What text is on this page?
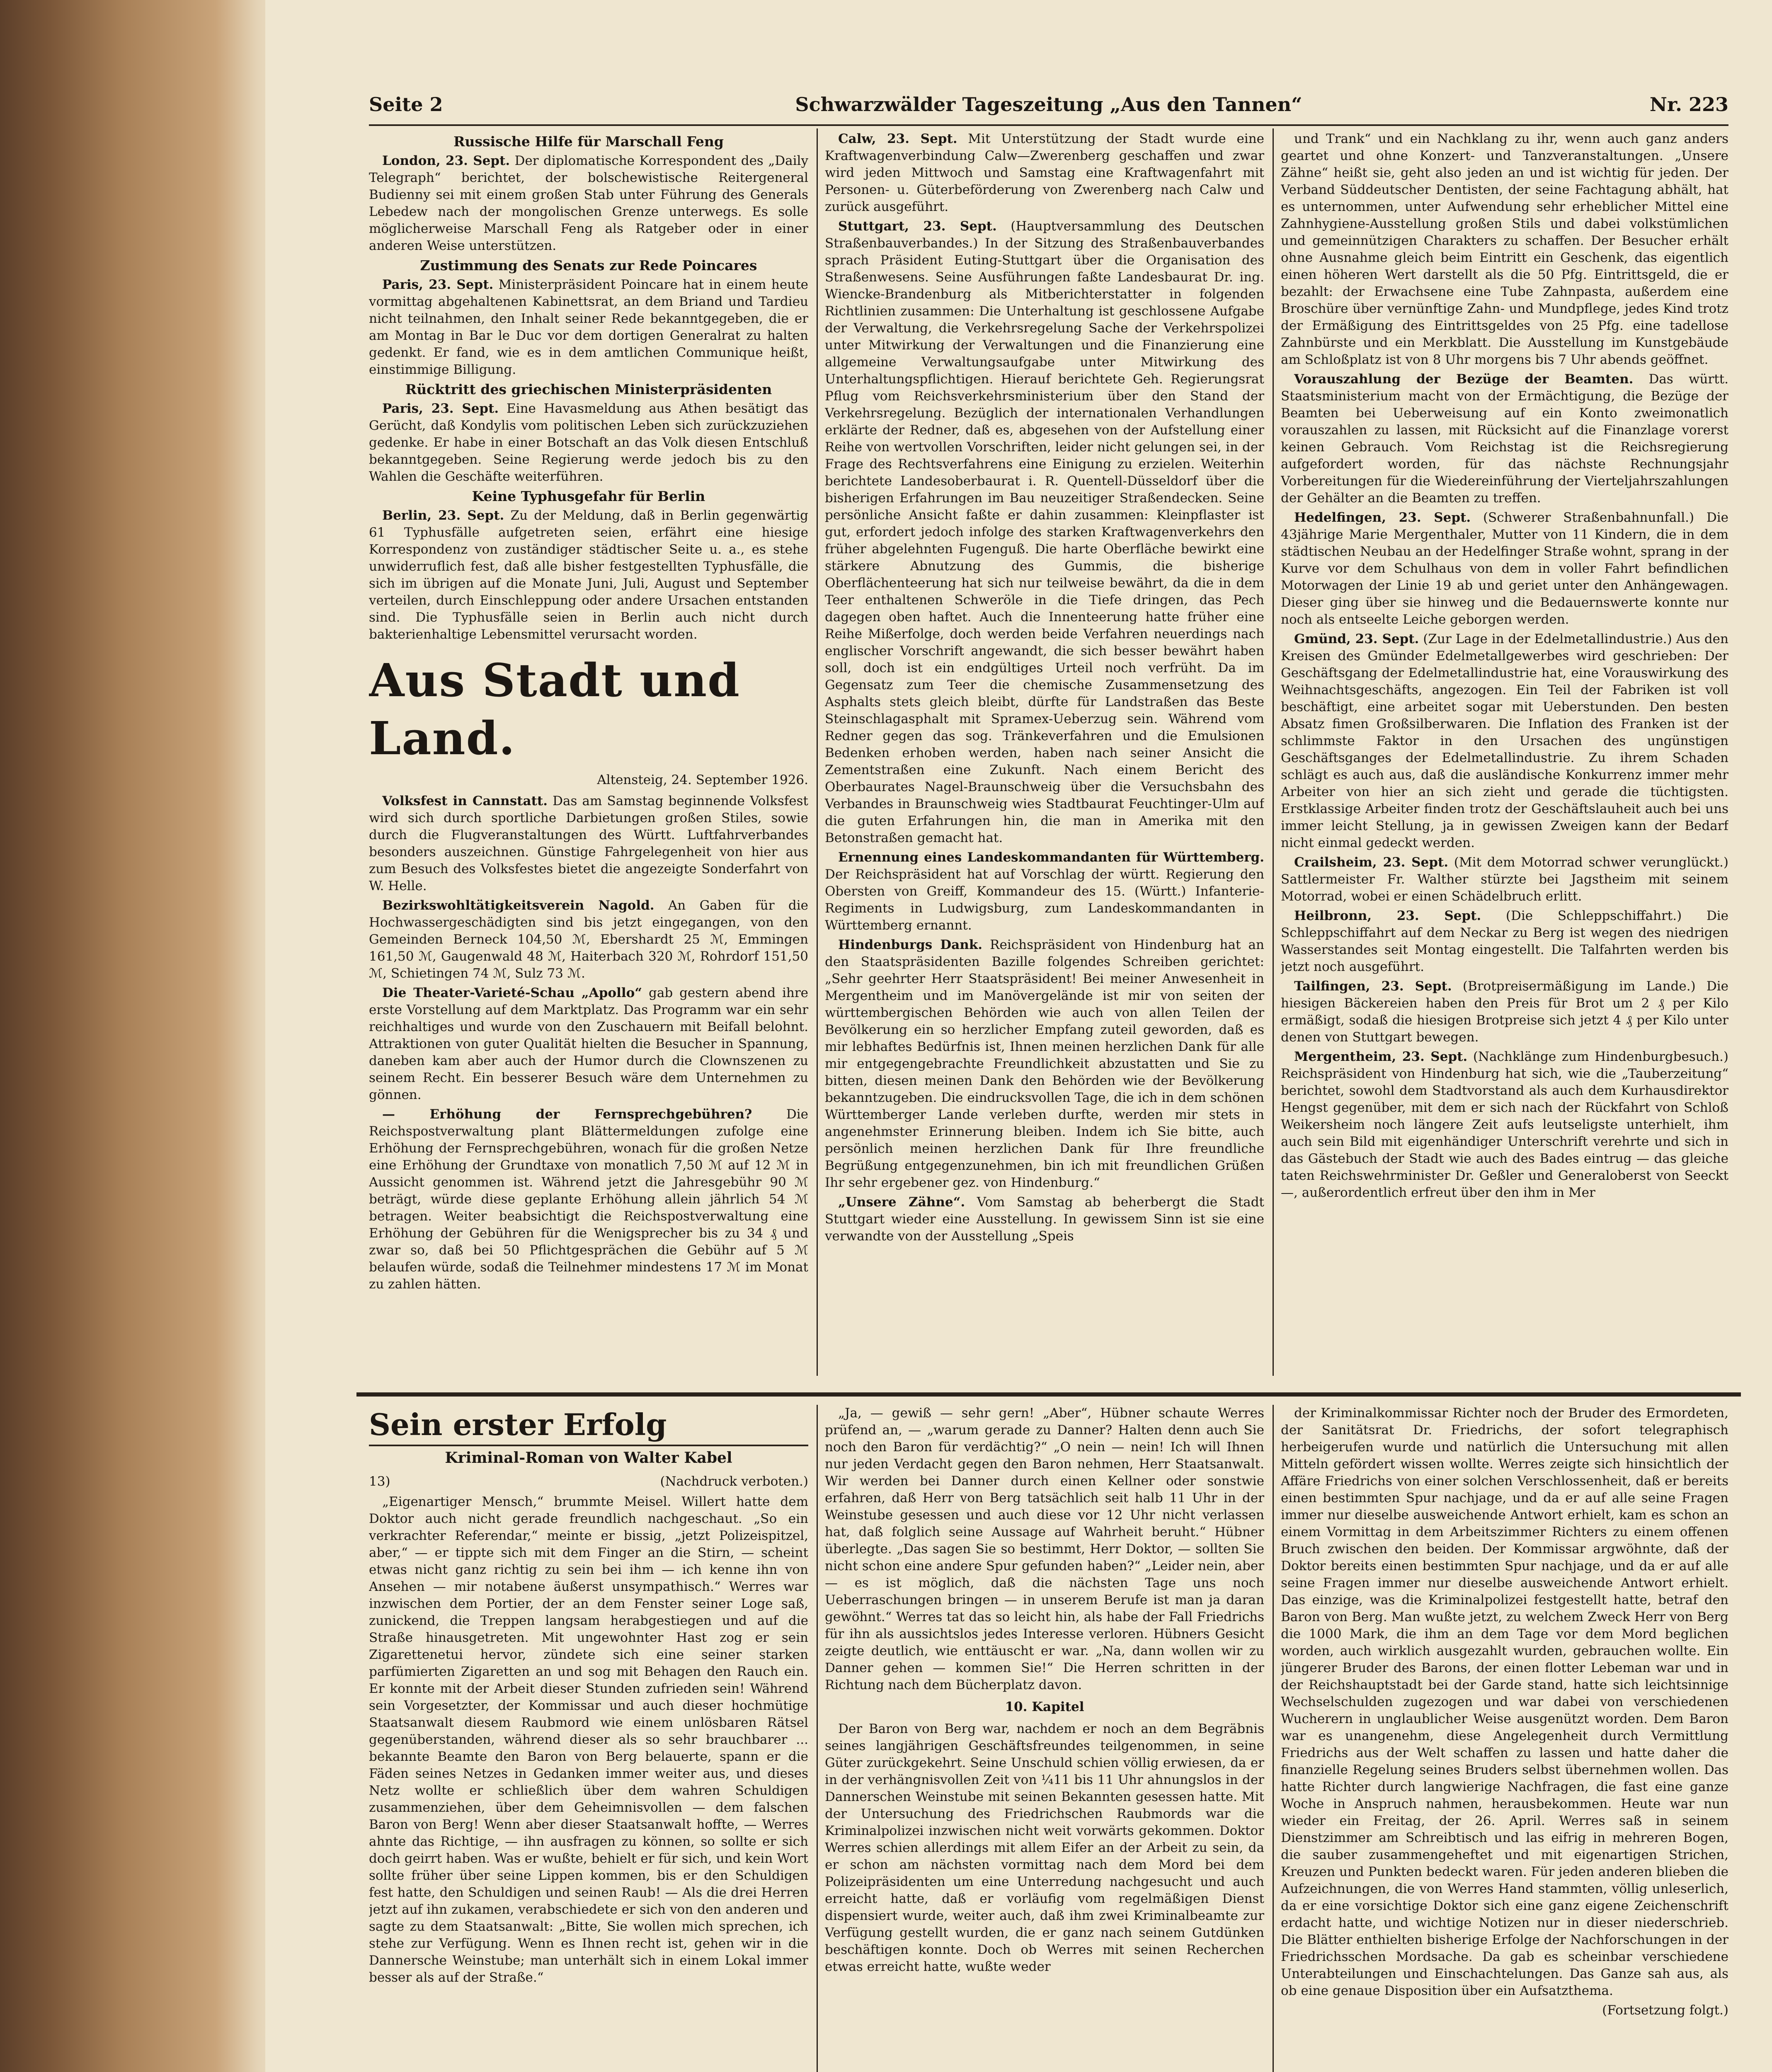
Seite 2	Schwarzwälder Tageszeitung „Aus den Tannen“	Nr. 223
Russische Hilfe für Marschall Feng

London, 23. Sept. Der diplomatische Korrespondent des „Daily Telegraph“ berichtet, der bolschewistische Reitergeneral Budienny sei mit einem großen Stab unter Führung des Generals Lebedew nach der mongolischen Grenze unterwegs. Es solle möglicherweise Marschall Feng als Ratgeber oder in einer anderen Weise unterstützen.

Zustimmung des Senats zur Rede Poincares

Paris, 23. Sept. Ministerpräsident Poincare hat in einem heute vormittag abgehaltenen Kabinettsrat, an dem Briand und Tardieu nicht teilnahmen, den Inhalt seiner Rede bekanntgegeben, die er am Montag in Bar le Duc vor dem dortigen Generalrat zu halten gedenkt. Er fand, wie es in dem amtlichen Communique heißt, einstimmige Billigung.

Rücktritt des griechischen Ministerpräsidenten

Paris, 23. Sept. Eine Havasmeldung aus Athen besätigt das Gerücht, daß Kondylis vom politischen Leben sich zurückzuziehen gedenke. Er habe in einer Botschaft an das Volk diesen Entschluß bekanntgegeben. Seine Regierung werde jedoch bis zu den Wahlen die Geschäfte weiterführen.

Keine Typhusgefahr für Berlin

Berlin, 23. Sept. Zu der Meldung, daß in Berlin gegenwärtig 61 Typhusfälle aufgetreten seien, erfährt eine hiesige Korrespondenz von zuständiger städtischer Seite u. a., es stehe unwiderruflich fest, daß alle bisher festgestellten Typhusfälle, die sich im übrigen auf die Monate Juni, Juli, August und September verteilen, durch Einschleppung oder andere Ursachen entstanden sind. Die Typhusfälle seien in Berlin auch nicht durch bakterienhaltige Lebensmittel verursacht worden.

Aus Stadt und Land.
Altensteig, 24. September 1926.

Volksfest in Cannstatt. Das am Samstag beginnende Volksfest wird sich durch sportliche Darbietungen großen Stiles, sowie durch die Flugveranstaltungen des Württ. Luftfahrverbandes besonders auszeichnen. Günstige Fahrgelegenheit von hier aus zum Besuch des Volksfestes bietet die angezeigte Sonderfahrt von W. Helle.

Bezirkswohltätigkeitsverein Nagold. An Gaben für die Hochwassergeschädigten sind bis jetzt eingegangen, von den Gemeinden Berneck 104,50 ℳ, Ebershardt 25 ℳ, Emmingen 161,50 ℳ, Gaugenwald 48 ℳ, Haiterbach 320 ℳ, Rohrdorf 151,50 ℳ, Schietingen 74 ℳ, Sulz 73 ℳ.

Die Theater-Varieté-Schau „Apollo“ gab gestern abend ihre erste Vorstellung auf dem Marktplatz. Das Programm war ein sehr reichhaltiges und wurde von den Zuschauern mit Beifall belohnt. Attraktionen von guter Qualität hielten die Besucher in Spannung, daneben kam aber auch der Humor durch die Clownszenen zu seinem Recht. Ein besserer Besuch wäre dem Unternehmen zu gönnen.

— Erhöhung der Fernsprechgebühren?	Die Reichspostverwaltung plant Blättermeldungen zufolge eine Erhöhung der Fernsprechgebühren, wonach für die großen Netze eine Erhöhung der Grundtaxe von monatlich 7,50 ℳ auf 12 ℳ in Aussicht genommen ist. Während jetzt die Jahresgebühr 90 ℳ beträgt, würde diese geplante Erhöhung allein jährlich 54 ℳ betragen. Weiter beabsichtigt die Reichspostverwaltung eine Erhöhung der Gebühren für die Wenigsprecher bis zu 34 ₰ und zwar so, daß bei 50 Pflichtgesprächen die Gebühr auf 5 ℳ belaufen würde, sodaß die Teilnehmer mindestens 17 ℳ im Monat zu zahlen hätten.

Calw, 23. Sept. Mit Unterstützung der Stadt wurde eine Kraftwagenverbindung Calw—Zwerenberg geschaffen und zwar wird jeden Mittwoch und Samstag eine Kraftwagenfahrt mit Personen- u. Güterbeförderung von Zwerenberg nach Calw und zurück ausgeführt.

Stuttgart, 23. Sept. (Hauptversammlung des Deutschen Straßenbauverbandes.) In der Sitzung des Straßenbauverbandes sprach Präsident Euting-Stuttgart über die Organisation des Straßenwesens. Seine Ausführungen faßte Landesbaurat Dr. ing. Wiencke-Brandenburg als Mitberichterstatter in folgenden Richtlinien zusammen: Die Unterhaltung ist geschlossene Aufgabe der Verwaltung, die Verkehrsregelung Sache der Verkehrspolizei unter Mitwirkung der Verwaltungen und die Finanzierung eine allgemeine Verwaltungsaufgabe unter Mitwirkung des Unterhaltungspflichtigen. Hierauf berichtete Geh. Regierungsrat Pflug vom Reichsverkehrsministerium über den Stand der Verkehrsregelung. Bezüglich der internationalen Verhandlungen erklärte der Redner, daß es, abgesehen von der Aufstellung einer Reihe von wertvollen Vorschriften, leider nicht gelungen sei, in der Frage des Rechtsverfahrens eine Einigung zu erzielen. Weiterhin berichtete Landesoberbaurat i. R. Quentell-Düsseldorf über die bisherigen Erfahrungen im Bau neuzeitiger Straßendecken. Seine persönliche Ansicht faßte er dahin zusammen: Kleinpflaster ist gut, erfordert jedoch infolge des starken Kraftwagenverkehrs den früher abgelehnten Fugenguß. Die harte Oberfläche bewirkt eine stärkere Abnutzung des Gummis, die bisherige Oberflächenteerung hat sich nur teilweise bewährt, da die in dem Teer enthaltenen Schweröle in die Tiefe dringen, das Pech dagegen oben haftet. Auch die Innenteerung hatte früher eine Reihe Mißerfolge, doch werden beide Verfahren neuerdings nach englischer Vorschrift angewandt, die sich besser bewährt haben soll, doch ist ein endgültiges Urteil noch verfrüht. Da im Gegensatz zum Teer die chemische Zusammensetzung des Asphalts stets gleich bleibt, dürfte für Landstraßen das Beste Steinschlagasphalt mit Spramex-Ueberzug sein. Während vom Redner gegen das sog. Tränkeverfahren und die Emulsionen Bedenken erhoben werden, haben nach seiner Ansicht die Zementstraßen eine Zukunft. Nach einem Bericht des Oberbaurates Nagel-Braunschweig über die Versuchsbahn des Verbandes in Braunschweig wies Stadtbaurat Feuchtinger-Ulm auf die guten Erfahrungen hin, die man in Amerika mit den Betonstraßen gemacht hat.

Ernennung eines Landeskommandanten für Württemberg. Der Reichspräsident hat auf Vorschlag der württ. Regierung den Obersten von Greiff, Kommandeur des 15. (Württ.) Infanterie-Regiments in Ludwigsburg, zum Landeskommandanten in Württemberg ernannt.

Hindenburgs Dank. Reichspräsident von Hindenburg hat an den Staatspräsidenten Bazille folgendes Schreiben gerichtet: „Sehr geehrter Herr Staatspräsident! Bei meiner Anwesenheit in Mergentheim und im Manövergelände ist mir von seiten der württembergischen Behörden wie auch von allen Teilen der Bevölkerung ein so herzlicher Empfang zuteil geworden, daß es mir lebhaftes Bedürfnis ist, Ihnen meinen herzlichen Dank für alle mir entgegengebrachte Freundlichkeit abzustatten und Sie zu bitten, diesen meinen Dank den Behörden wie der Bevölkerung bekanntzugeben. Die eindrucksvollen Tage, die ich in dem schönen Württemberger Lande verleben durfte, werden mir stets in angenehmster Erinnerung bleiben. Indem ich Sie bitte, auch persönlich meinen herzlichen Dank für Ihre freundliche Begrüßung entgegenzunehmen, bin ich mit freundlichen Grüßen Ihr sehr ergebener gez. von Hindenburg.“

„Unsere Zähne“. Vom Samstag ab beherbergt die Stadt Stuttgart wieder eine Ausstellung. In gewissem Sinn ist sie eine verwandte von der Ausstellung „Speis

und Trank“ und ein Nachklang zu ihr, wenn auch ganz anders geartet und ohne Konzert- und Tanzveranstaltungen. „Unsere Zähne“ heißt sie, geht also jeden an und ist wichtig für jeden. Der Verband Süddeutscher Dentisten, der seine Fachtagung abhält, hat es unternommen, unter Aufwendung sehr erheblicher Mittel eine Zahnhygiene-Ausstellung großen Stils und dabei volkstümlichen und gemeinnützigen Charakters zu schaffen. Der Besucher erhält ohne Ausnahme gleich beim Eintritt ein Geschenk, das eigentlich einen höheren Wert darstellt als die 50 Pfg. Eintrittsgeld, die er bezahlt: der Erwachsene eine Tube Zahnpasta, außerdem eine Broschüre über vernünftige Zahn- und Mundpflege, jedes Kind trotz der Ermäßigung des Eintrittsgeldes von 25 Pfg. eine tadellose Zahnbürste und ein Merkblatt. Die Ausstellung im Kunstgebäude am Schloßplatz ist von 8 Uhr morgens bis 7 Uhr abends geöffnet.

Vorauszahlung der Bezüge der Beamten. Das württ. Staatsministerium macht von der Ermächtigung, die Bezüge der Beamten bei Ueberweisung auf ein Konto zweimonatlich vorauszahlen zu lassen, mit Rücksicht auf die Finanzlage vorerst keinen Gebrauch. Vom Reichstag ist die Reichsregierung aufgefordert worden, für das nächste Rechnungsjahr Vorbereitungen für die Wiedereinführung der Vierteljahrszahlungen der Gehälter an die Beamten zu treffen.

Hedelfingen, 23. Sept. (Schwerer Straßenbahnunfall.) Die 43jährige Marie Mergenthaler, Mutter von 11 Kindern, die in dem städtischen Neubau an der Hedelfinger Straße wohnt, sprang in der Kurve vor dem Schulhaus von dem in voller Fahrt befindlichen Motorwagen der Linie 19 ab und geriet unter den Anhängewagen. Dieser ging über sie hinweg und die Bedauernswerte konnte nur noch als entseelte Leiche geborgen werden.

Gmünd, 23. Sept. (Zur Lage in der Edelmetallindustrie.) Aus den Kreisen des Gmünder Edelmetallgewerbes wird geschrieben: Der Geschäftsgang der Edelmetallindustrie hat, eine Vorauswirkung des Weihnachtsgeschäfts, angezogen. Ein Teil der Fabriken ist voll beschäftigt, eine arbeitet sogar mit Ueberstunden. Den besten Absatz fimen Großsilberwaren. Die Inflation des Franken ist der schlimmste Faktor in den Ursachen des ungünstigen Geschäftsganges der Edelmetallindustrie. Zu ihrem Schaden schlägt es auch aus, daß die ausländische Konkurrenz immer mehr Arbeiter von hier an sich zieht und gerade die tüchtigsten. Erstklassige Arbeiter finden trotz der Geschäftslauheit auch bei uns immer leicht Stellung, ja in gewissen Zweigen kann der Bedarf nicht einmal gedeckt werden.

Crailsheim, 23. Sept. (Mit dem Motorrad schwer verunglückt.) Sattlermeister Fr. Walther stürzte bei Jagstheim mit seinem Motorrad, wobei er einen Schädelbruch erlitt.

Heilbronn, 23. Sept. (Die Schleppschiffahrt.) Die Schleppschiffahrt auf dem Neckar zu Berg ist wegen des niedrigen Wasserstandes seit Montag eingestellt. Die Talfahrten werden bis jetzt noch ausgeführt.

Tailfingen, 23. Sept. (Brotpreisermäßigung im Lande.) Die hiesigen Bäckereien haben den Preis für Brot um 2 ₰ per Kilo ermäßigt, sodaß die hiesigen Brotpreise sich jetzt 4 ₰ per Kilo unter denen von Stuttgart bewegen.

Mergentheim, 23. Sept. (Nachklänge zum Hindenburgbesuch.) Reichspräsident von Hindenburg hat sich, wie die „Tauberzeitung“ berichtet, sowohl dem Stadtvorstand als auch dem Kurhausdirektor Hengst gegenüber, mit dem er sich nach der Rückfahrt von Schloß Weikersheim noch längere Zeit aufs leutseligste unterhielt, ihm auch sein Bild mit eigenhändiger Unterschrift verehrte und sich in das Gästebuch der Stadt wie auch des Bades eintrug — das gleiche taten Reichswehrminister Dr. Geßler und Generaloberst von Seeckt —, außerordentlich erfreut über den ihm in Mer

Sein erster Erfolg
Kriminal-Roman von Walter Kabel
13)	(Nachdruck verboten.)

„Eigenartiger Mensch,“ brummte Meisel. Willert hatte dem Doktor auch nicht gerade freundlich nachgeschaut. „So ein verkrachter Referendar,“ meinte er bissig, „jetzt Polizeispitzel, aber,“ — er tippte sich mit dem Finger an die Stirn, — scheint etwas nicht ganz richtig zu sein bei ihm — ich kenne ihn von Ansehen — mir notabene äußerst unsympathisch.“ Werres war inzwischen dem Portier, der an dem Fenster seiner Loge saß, zunickend, die Treppen langsam herabgestiegen und auf die Straße hinausgetreten. Mit ungewohnter Hast zog er sein Zigarettenetui hervor, zündete sich eine seiner starken parfümierten Zigaretten an und sog mit Behagen den Rauch ein. Er konnte mit der Arbeit dieser Stunden zufrieden sein! Während sein Vorgesetzter, der Kommissar und auch dieser hochmütige Staatsanwalt diesem Raubmord wie einem unlösbaren Rätsel gegenüberstanden, während dieser als so sehr brauchbarer ... bekannte Beamte den Baron von Berg belauerte, spann er die Fäden seines Netzes in Gedanken immer weiter aus, und dieses Netz wollte er schließlich über dem wahren Schuldigen zusammenziehen, über dem Geheimnisvollen — dem falschen Baron von Berg! Wenn aber dieser Staatsanwalt hoffte, — Werres ahnte das Richtige, — ihn ausfragen zu können, so sollte er sich doch geirrt haben. Was er wußte, behielt er für sich, und kein Wort sollte früher über seine Lippen kommen, bis er den Schuldigen fest hatte, den Schuldigen und seinen Raub! — Als die drei Herren jetzt auf ihn zukamen, verabschiedete er sich von den anderen und sagte zu dem Staatsanwalt: „Bitte, Sie wollen mich sprechen, ich stehe zur Verfügung. Wenn es Ihnen recht ist, gehen wir in die Dannersche Weinstube; man unterhält sich in einem Lokal immer besser als auf der Straße.“

„Ja, — gewiß — sehr gern! „Aber“, Hübner schaute Werres prüfend an, — „warum gerade zu Danner? Halten denn auch Sie noch den Baron für verdächtig?“ „O nein — nein! Ich will Ihnen nur jeden Verdacht gegen den Baron nehmen, Herr Staatsanwalt. Wir werden bei Danner durch einen Kellner oder sonstwie erfahren, daß Herr von Berg tatsächlich seit halb 11 Uhr in der Weinstube gesessen und auch diese vor 12 Uhr nicht verlassen hat, daß folglich seine Aussage auf Wahrheit beruht.“ Hübner überlegte. „Das sagen Sie so bestimmt, Herr Doktor, — sollten Sie nicht schon eine andere Spur gefunden haben?“ „Leider nein, aber — es ist möglich, daß die nächsten Tage uns noch Ueberraschungen bringen — in unserem Berufe ist man ja daran gewöhnt.“ Werres tat das so leicht hin, als habe der Fall Friedrichs für ihn als aussichtslos jedes Interesse verloren. Hübners Gesicht zeigte deutlich, wie enttäuscht er war. „Na, dann wollen wir zu Danner gehen — kommen Sie!“ Die Herren schritten in der Richtung nach dem Bücherplatz davon.

10. Kapitel

Der Baron von Berg war, nachdem er noch an dem Begräbnis seines langjährigen Geschäftsfreundes teilgenommen, in seine Güter zurückgekehrt. Seine Unschuld schien völlig erwiesen, da er in der verhängnisvollen Zeit von ¼11 bis 11 Uhr ahnungslos in der Dannerschen Weinstube mit seinen Bekannten gesessen hatte. Mit der Untersuchung des Friedrichschen Raubmords war die Kriminalpolizei inzwischen nicht weit vorwärts gekommen. Doktor Werres schien allerdings mit allem Eifer an der Arbeit zu sein, da er schon am nächsten vormittag nach dem Mord bei dem Polizeipräsidenten um eine Unterredung nachgesucht und auch erreicht hatte, daß er vorläufig vom regelmäßigen Dienst dispensiert wurde, weiter auch, daß ihm zwei Kriminalbeamte zur Verfügung gestellt wurden, die er ganz nach seinem Gutdünken beschäftigen konnte. Doch ob Werres mit seinen Recherchen etwas erreicht hatte, wußte weder

der Kriminalkommissar Richter noch der Bruder des Ermordeten, der Sanitätsrat Dr. Friedrichs, der sofort telegraphisch herbeigerufen wurde und natürlich die Untersuchung mit allen Mitteln gefördert wissen wollte. Werres zeigte sich hinsichtlich der Affäre Friedrichs von einer solchen Verschlossenheit, daß er bereits einen bestimmten Spur nachjage, und da er auf alle seine Fragen immer nur dieselbe ausweichende Antwort erhielt, kam es schon an einem Vormittag in dem Arbeitszimmer Richters zu einem offenen Bruch zwischen den beiden. Der Kommissar argwöhnte, daß der Doktor bereits einen bestimmten Spur nachjage, und da er auf alle seine Fragen immer nur dieselbe ausweichende Antwort erhielt. Das einzige, was die Kriminalpolizei festgestellt hatte, betraf den Baron von Berg. Man wußte jetzt, zu welchem Zweck Herr von Berg die 1000 Mark, die ihm an dem Tage vor dem Mord beglichen worden, auch wirklich ausgezahlt wurden, gebrauchen wollte. Ein jüngerer Bruder des Barons, der einen flotter Lebeman war und in der Reichshauptstadt bei der Garde stand, hatte sich leichtsinnige Wechselschulden zugezogen und war dabei von verschiedenen Wucherern in unglaublicher Weise ausgenützt worden. Dem Baron war es unangenehm, diese Angelegenheit durch Vermittlung Friedrichs aus der Welt schaffen zu lassen und hatte daher die finanzielle Regelung seines Bruders selbst übernehmen wollen. Das hatte Richter durch langwierige Nachfragen, die fast eine ganze Woche in Anspruch nahmen, herausbekommen. Heute war nun wieder ein Freitag, der 26. April. Werres saß in seinem Dienstzimmer am Schreibtisch und las eifrig in mehreren Bogen, die sauber zusammengeheftet und mit eigenartigen Strichen, Kreuzen und Punkten bedeckt waren. Für jeden anderen blieben die Aufzeichnungen, die von Werres Hand stammten, völlig unleserlich, da er eine vorsichtige Doktor sich eine ganz eigene Zeichenschrift erdacht hatte, und wichtige Notizen nur in dieser niederschrieb. Die Blätter enthielten bisherige Erfolge der Nachforschungen in der Friedrichsschen Mordsache. Da gab es scheinbar verschiedene Unterabteilungen und Einschachtelungen. Das Ganze sah aus, als ob eine genaue Disposition über ein Aufsatzthema.

(Fortsetzung folgt.)
